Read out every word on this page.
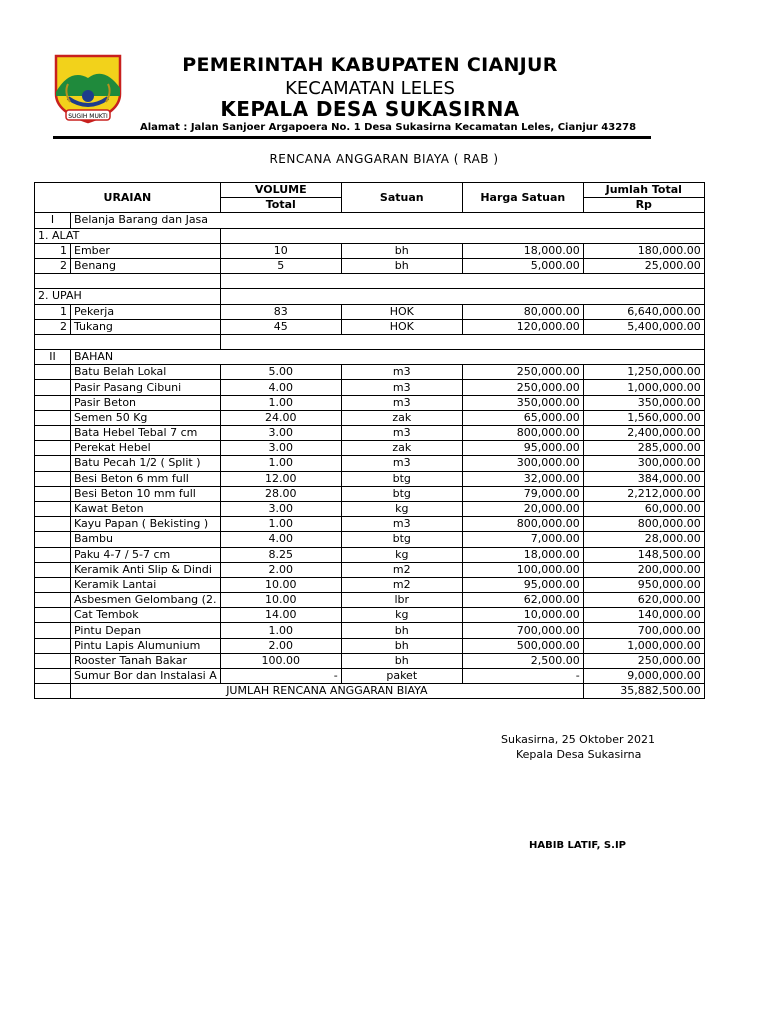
SUGIH MUKTI
PEMERINTAH KABUPATEN CIANJUR
KECAMATAN LELES
KEPALA DESA SUKASIRNA
Alamat : Jalan Sanjoer Argapoera No. 1 Desa Sukasirna Kecamatan Leles, Cianjur 43278
RENCANA ANGGARAN BIAYA ( RAB )
URAIAN		VOLUME	Satuan	Harga Satuan	Jumlah Total
		Total			Rp
I	Belanja Barang dan Jasa				
1. ALAT					
1	Ember	10	bh	18,000.00	180,000.00
2	Benang	5	bh	5,000.00	25,000.00

2. UPAH					
1	Pekerja	83	HOK	80,000.00	6,640,000.00
2	Tukang	45	HOK	120,000.00	5,400,000.00

II	BAHAN				
	Batu Belah Lokal	5.00	m3	250,000.00	1,250,000.00
	Pasir Pasang Cibuni	4.00	m3	250,000.00	1,000,000.00
	Pasir Beton	1.00	m3	350,000.00	350,000.00
	Semen 50 Kg	24.00	zak	65,000.00	1,560,000.00
	Bata Hebel Tebal 7 cm	3.00	m3	800,000.00	2,400,000.00
	Perekat Hebel	3.00	zak	95,000.00	285,000.00
	Batu Pecah 1/2 ( Split )	1.00	m3	300,000.00	300,000.00
	Besi Beton 6 mm full	12.00	btg	32,000.00	384,000.00
	Besi Beton 10 mm full	28.00	btg	79,000.00	2,212,000.00
	Kawat Beton	3.00	kg	20,000.00	60,000.00
	Kayu Papan ( Bekisting )	1.00	m3	800,000.00	800,000.00
	Bambu	4.00	btg	7,000.00	28,000.00
	Paku 4-7 / 5-7 cm	8.25	kg	18,000.00	148,500.00
	Keramik Anti Slip & Dindi	2.00	m2	100,000.00	200,000.00
	Keramik Lantai	10.00	m2	95,000.00	950,000.00
	Asbesmen Gelombang (2.	10.00	lbr	62,000.00	620,000.00
	Cat Tembok	14.00	kg	10,000.00	140,000.00
	Pintu Depan	1.00	bh	700,000.00	700,000.00
	Pintu Lapis Alumunium	2.00	bh	500,000.00	1,000,000.00
	Rooster Tanah Bakar	100.00	bh	2,500.00	250,000.00
	Sumur Bor dan Instalasi A	-	paket	-	9,000,000.00
	JUMLAH RENCANA ANGGARAN BIAYA				35,882,500.00
Sukasirna, 25 Oktober 2021
Kepala Desa Sukasirna
HABIB LATIF, S.IP
